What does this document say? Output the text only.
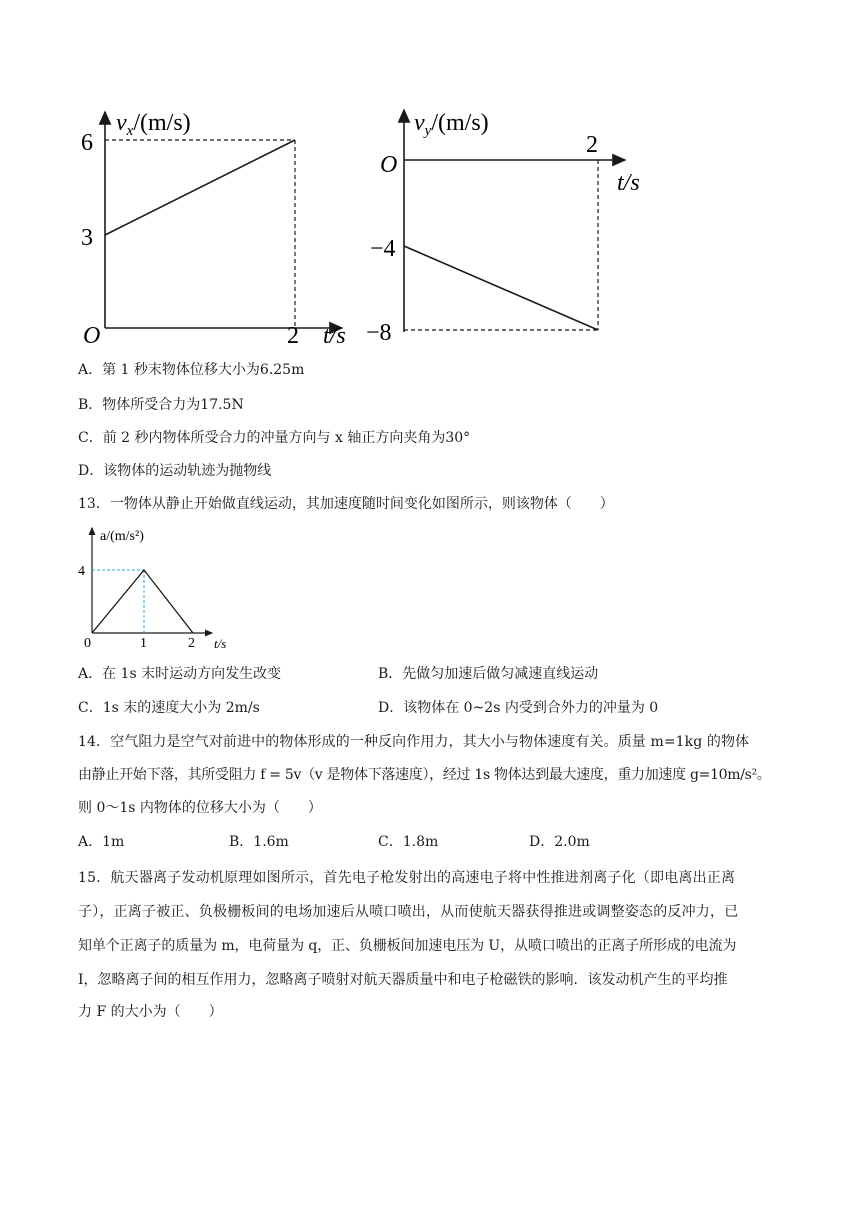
$v_x/(m/s)$
6
3
O	2 t/s
$v_y/(m/s)$
O
2
t/s
−4
−8
A．第 1 秒末物体位移大小为6.25m
B．物体所受合力为17.5N
C．前 2 秒内物体所受合力的冲量方向与 x 轴正方向夹角为30°
D．该物体的运动轨迹为抛物线
13．一物体从静止开始做直线运动，其加速度随时间变化如图所示，则该物体（　　）
a/(m/s²)
4
0	1	2 t/s
A．在 1s 末时运动方向发生改变	B．先做匀加速后做匀减速直线运动
C．1s 末的速度大小为 2m/s	D．该物体在 0~2s 内受到合外力的冲量为 0
14．空气阻力是空气对前进中的物体形成的一种反向作用力，其大小与物体速度有关。质量 m=1kg 的物体
由静止开始下落，其所受阻力 f = 5v（v 是物体下落速度），经过 1s 物体达到最大速度，重力加速度 g=10m/s²。
则 0～1s 内物体的位移大小为（　　）
A．1m	B．1.6m	C．1.8m	D．2.0m
15．航天器离子发动机原理如图所示，首先电子枪发射出的高速电子将中性推进剂离子化（即电离出正离
子），正离子被正、负极栅板间的电场加速后从喷口喷出，从而使航天器获得推进或调整姿态的反冲力，已
知单个正离子的质量为 m，电荷量为 q，正、负栅板间加速电压为 U，从喷口喷出的正离子所形成的电流为
I，忽略离子间的相互作用力，忽略离子喷射对航天器质量中和电子枪磁铁的影响．该发动机产生的平均推
力 F 的大小为（　　）
